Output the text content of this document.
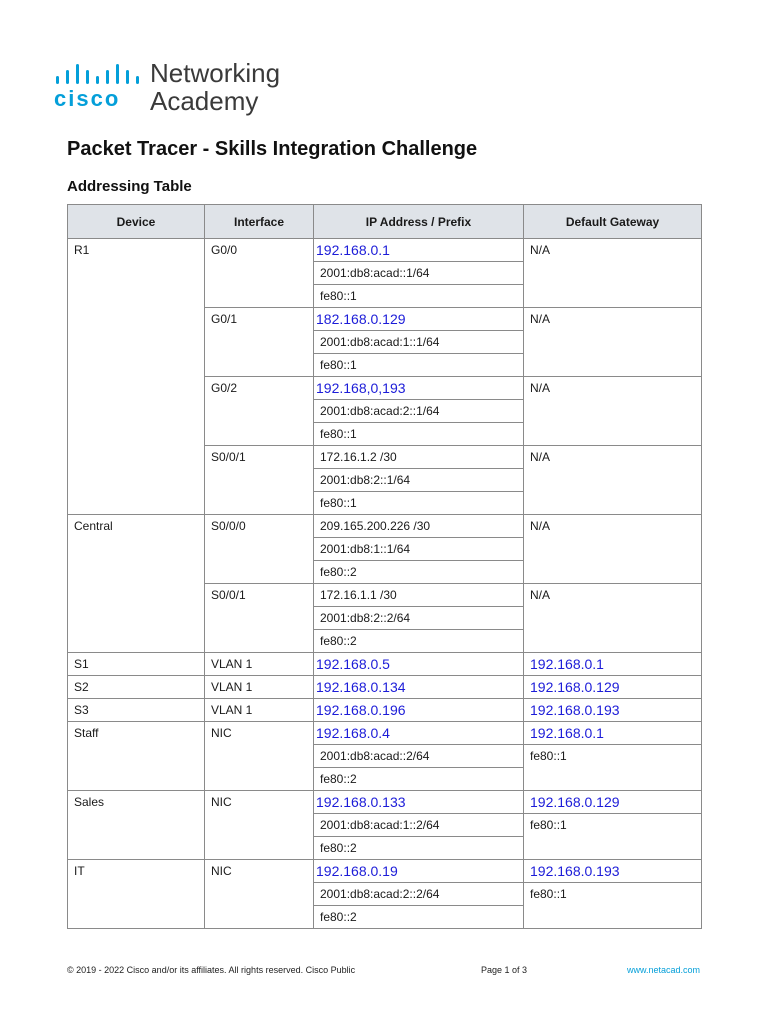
cisco
Networking
Academy
Packet Tracer - Skills Integration Challenge
Addressing Table
Device	Interface	IP Address / Prefix	Default Gateway
R1	G0/0	192.168.0.1	N/A
		2001:db8:acad::1/64	
		fe80::1	
	G0/1	182.168.0.129	N/A
		2001:db8:acad:1::1/64	
		fe80::1	
	G0/2	192.168,0,193	N/A
		2001:db8:acad:2::1/64	
		fe80::1	
	S0/0/1	172.16.1.2 /30	N/A
		2001:db8:2::1/64	
		fe80::1	
Central	S0/0/0	209.165.200.226 /30	N/A
		2001:db8:1::1/64	
		fe80::2	
	S0/0/1	172.16.1.1 /30	N/A
		2001:db8:2::2/64	
		fe80::2	
S1	VLAN 1	192.168.0.5	192.168.0.1
S2	VLAN 1	192.168.0.134	192.168.0.129
S3	VLAN 1	192.168.0.196	192.168.0.193
Staff	NIC	192.168.0.4	192.168.0.1
		2001:db8:acad::2/64	fe80::1
		fe80::2	
Sales	NIC	192.168.0.133	192.168.0.129
		2001:db8:acad:1::2/64	fe80::1
		fe80::2	
IT	NIC	192.168.0.19	192.168.0.193
		2001:db8:acad:2::2/64	fe80::1
		fe80::2	
© 2019 - 2022 Cisco and/or its affiliates. All rights reserved. Cisco Public	Page 1 of 3	www.netacad.com
